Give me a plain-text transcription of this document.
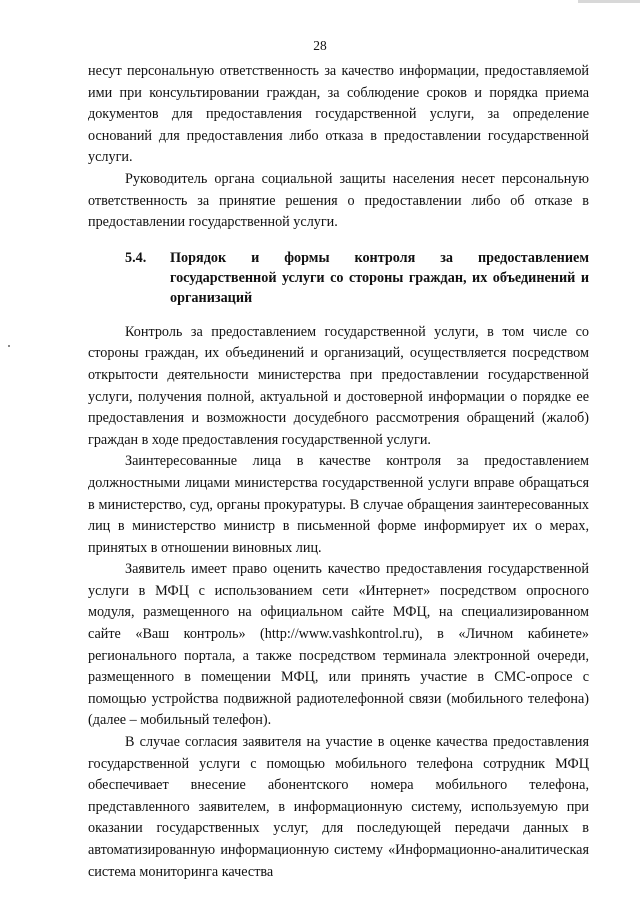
28

несут персональную ответственность за качество информации, предоставляемой ими при консультировании граждан, за соблюдение сроков и порядка приема документов для предоставления государственной услуги, за определение оснований для предоставления либо отказа в предоставлении государственной услуги.

Руководитель органа социальной защиты населения несет персональную ответственность за принятие решения о предоставлении либо об отказе в предоставлении государственной услуги.

5.4.	Порядок и формы контроля за предоставлением государственной услуги со стороны граждан, их объединений и организаций

Контроль за предоставлением государственной услуги, в том числе со стороны граждан, их объединений и организаций, осуществляется посредством открытости деятельности министерства при предоставлении государственной услуги, получения полной, актуальной и достоверной информации о порядке ее предоставления и возможности досудебного рассмотрения обращений (жалоб) граждан в ходе предоставления государственной услуги.

Заинтересованные лица в качестве контроля за предоставлением должностными лицами министерства государственной услуги вправе обращаться в министерство, суд, органы прокуратуры. В случае обращения заинтересованных лиц в министерство министр в письменной форме информирует их о мерах, принятых в отношении виновных лиц.

Заявитель имеет право оценить качество предоставления государственной услуги в МФЦ с использованием сети «Интернет» посредством опросного модуля, размещенного на официальном сайте МФЦ, на специализированном сайте «Ваш контроль» (http://www.vashkontrol.ru), в «Личном кабинете» регионального портала, а также посредством терминала электронной очереди, размещенного в помещении МФЦ, или принять участие в СМС-опросе с помощью устройства подвижной радиотелефонной связи (мобильного телефона) (далее – мобильный телефон).

В случае согласия заявителя на участие в оценке качества предоставления государственной услуги с помощью мобильного телефона сотрудник МФЦ обеспечивает внесение абонентского номера мобильного телефона, представленного заявителем, в информационную систему, используемую при оказании государственных услуг, для последующей передачи данных в автоматизированную информационную систему «Информационно-аналитическая система мониторинга качества
